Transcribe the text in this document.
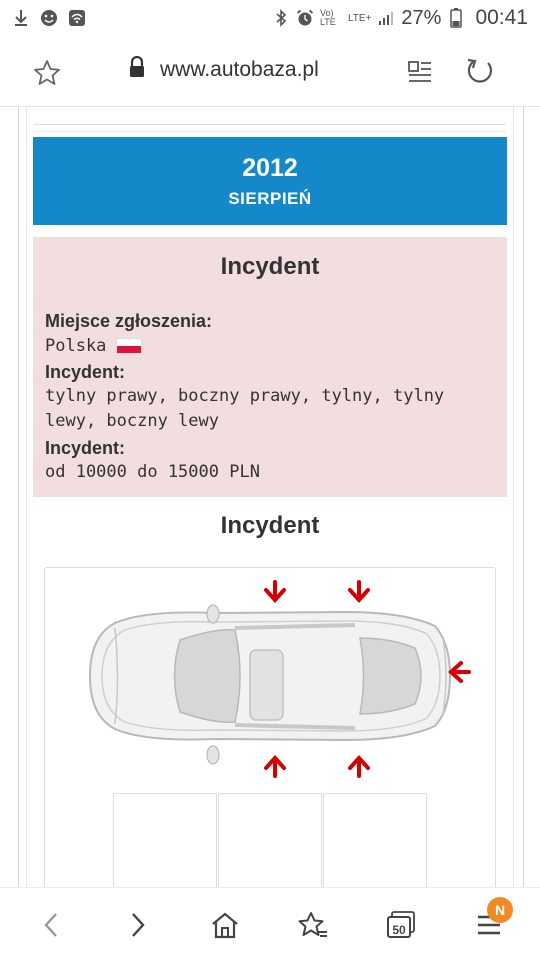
Vo) LTE	LTE+ 27% 00:41
www.autobaza.pl
2012
SIERPIEŃ
Incydent
Miejsce zgłoszenia:
Polska
Incydent:
tylny prawy, boczny prawy, tylny, tylny lewy, boczny lewy
Incydent:
od 10000 do 15000 PLN
Incydent
50
N
